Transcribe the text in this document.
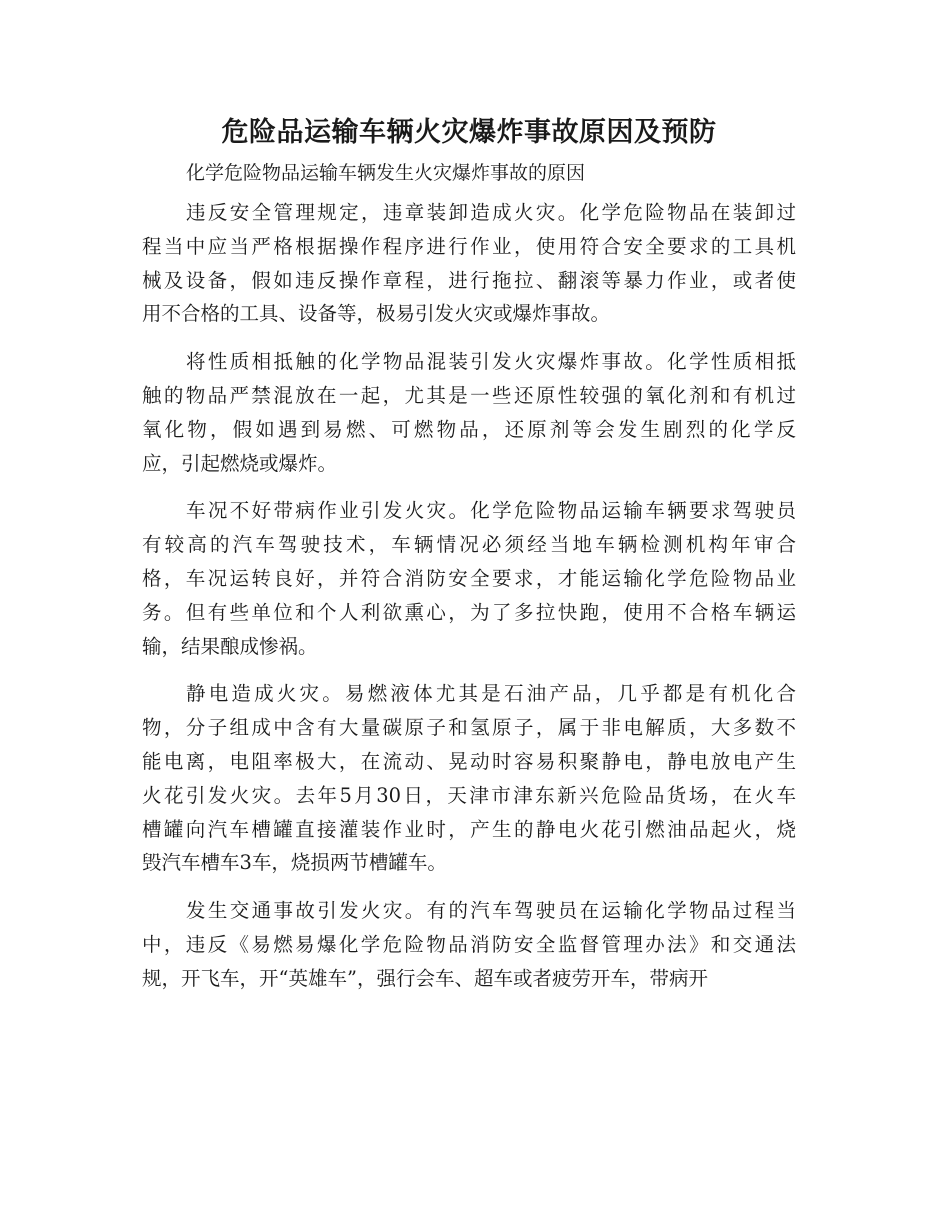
危险品运输车辆火灾爆炸事故原因及预防

化学危险物品运输车辆发生火灾爆炸事故的原因

违反安全管理规定，违章装卸造成火灾。化学危险物品在装卸过
程当中应当严格根据操作程序进行作业，使用符合安全要求的工具机
械及设备，假如违反操作章程，进行拖拉、翻滚等暴力作业，或者使
用不合格的工具、设备等，极易引发火灾或爆炸事故。

将性质相抵触的化学物品混装引发火灾爆炸事故。化学性质相抵
触的物品严禁混放在一起，尤其是一些还原性较强的氧化剂和有机过
氧化物，假如遇到易燃、可燃物品，还原剂等会发生剧烈的化学反
应，引起燃烧或爆炸。

车况不好带病作业引发火灾。化学危险物品运输车辆要求驾驶员
有较高的汽车驾驶技术，车辆情况必须经当地车辆检测机构年审合
格，车况运转良好，并符合消防安全要求，才能运输化学危险物品业
务。但有些单位和个人利欲熏心，为了多拉快跑，使用不合格车辆运
输，结果酿成惨祸。

静电造成火灾。易燃液体尤其是石油产品，几乎都是有机化合
物，分子组成中含有大量碳原子和氢原子，属于非电解质，大多数不
能电离，电阻率极大，在流动、晃动时容易积聚静电，静电放电产生
火花引发火灾。去年5月30日，天津市津东新兴危险品货场，在火车
槽罐向汽车槽罐直接灌装作业时，产生的静电火花引燃油品起火，烧
毁汽车槽车3车，烧损两节槽罐车。

发生交通事故引发火灾。有的汽车驾驶员在运输化学物品过程当
中，违反《易燃易爆化学危险物品消防安全监督管理办法》和交通法
规，开飞车，开“英雄车”，强行会车、超车或者疲劳开车，带病开
